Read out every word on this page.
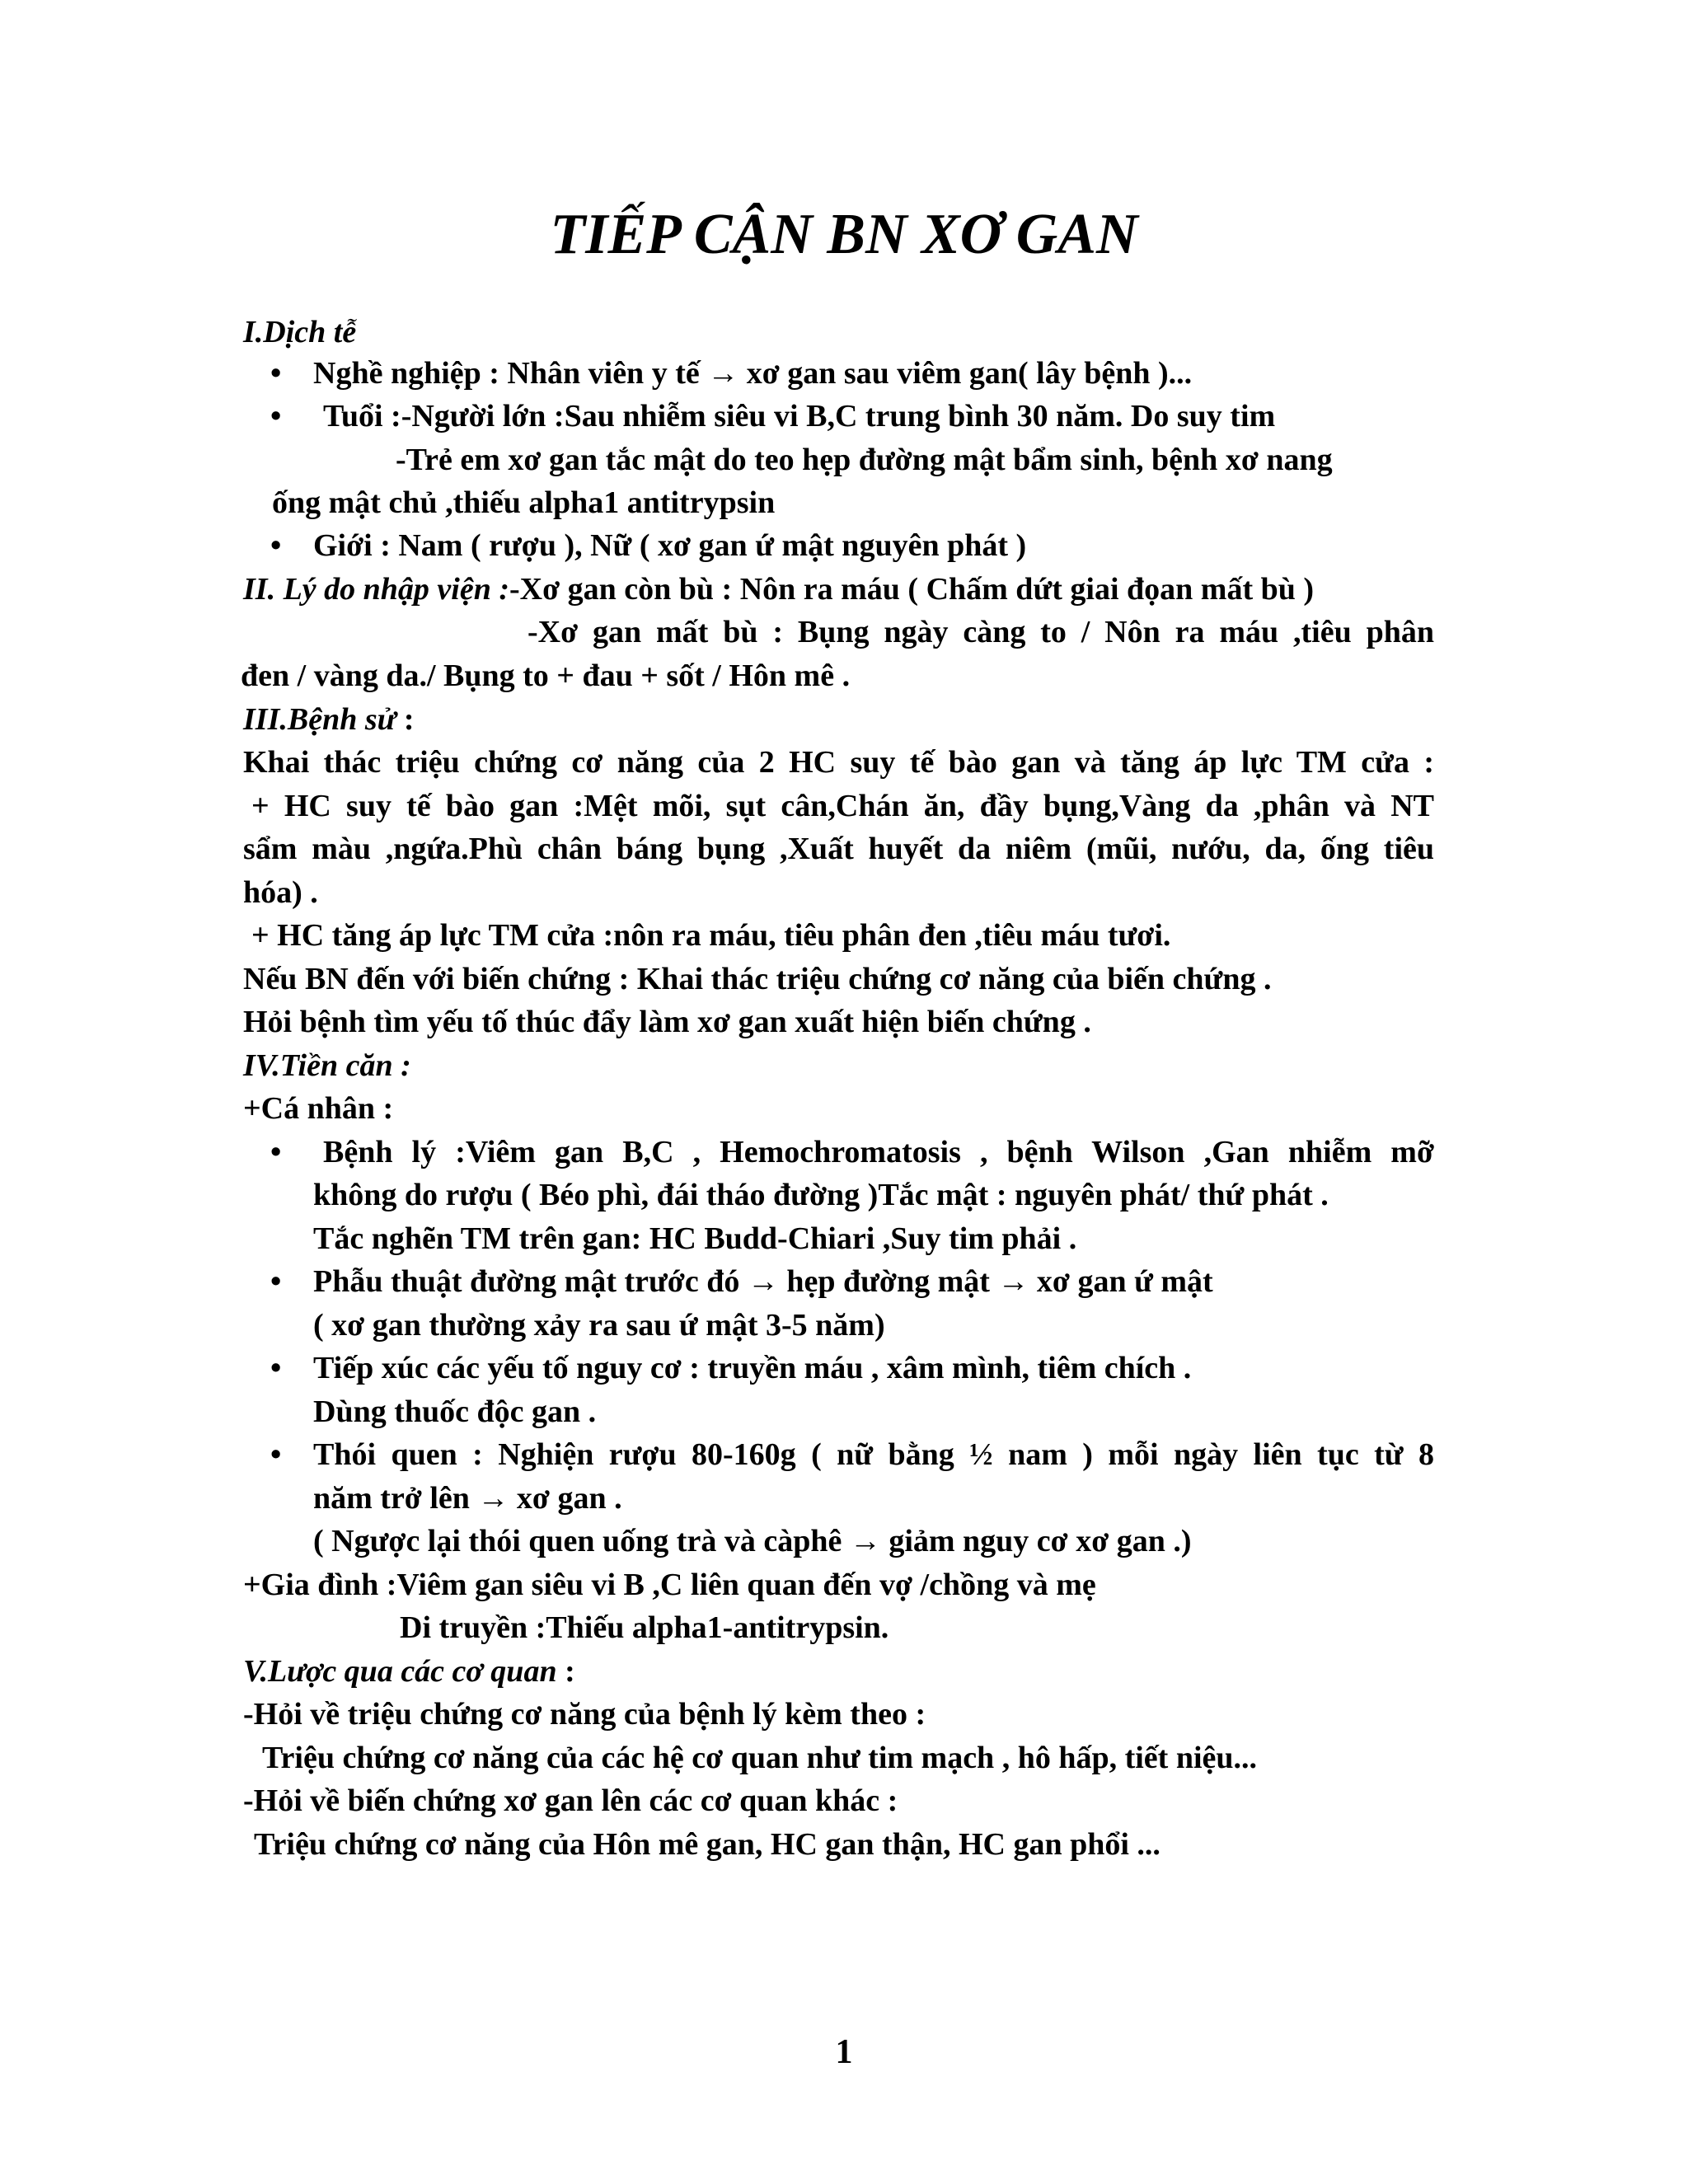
TIẾP CẬN BN XƠ GAN
I.Dịch tễ
• Nghề nghiệp : Nhân viên y tế → xơ gan sau viêm gan( lây bệnh )...
• Tuổi :-Người lớn :Sau nhiễm siêu vi B,C trung bình 30 năm. Do suy tim
-Trẻ em xơ gan tắc mật do teo hẹp đường mật bẩm sinh, bệnh xơ nang
ống mật chủ ,thiếu alpha1 antitrypsin
• Giới : Nam ( rượu ), Nữ ( xơ gan ứ mật nguyên phát )
II. Lý do nhập viện :-Xơ gan còn bù : Nôn ra máu ( Chấm dứt giai đọan mất bù )
-Xơ gan mất bù : Bụng ngày càng to / Nôn ra máu ,tiêu phân
đen / vàng da./ Bụng to + đau + sốt / Hôn mê .
III.Bệnh sử :
Khai thác triệu chứng cơ năng của 2 HC suy tế bào gan và tăng áp lực TM cửa :
+ HC suy tế bào gan :Mệt mõi, sụt cân,Chán ăn, đầy bụng,Vàng da ,phân và NT
sẩm màu ,ngứa.Phù chân báng bụng ,Xuất huyết da niêm (mũi, nướu, da, ống tiêu
hóa) .
+ HC tăng áp lực TM cửa :nôn ra máu, tiêu phân đen ,tiêu máu tươi.
Nếu BN đến với biến chứng : Khai thác triệu chứng cơ năng của biến chứng .
Hỏi bệnh tìm yếu tố thúc đẩy làm xơ gan xuất hiện biến chứng .
IV.Tiền căn :
+Cá nhân :
• Bệnh lý :Viêm gan B,C , Hemochromatosis , bệnh Wilson ,Gan nhiễm mỡ
không do rượu ( Béo phì, đái tháo đường )Tắc mật : nguyên phát/ thứ phát .
Tắc nghẽn TM trên gan: HC Budd-Chiari ,Suy tim phải .
• Phẫu thuật đường mật trước đó → hẹp đường mật → xơ gan ứ mật
( xơ gan thường xảy ra sau ứ mật 3-5 năm)
• Tiếp xúc các yếu tố nguy cơ : truyền máu , xâm mình, tiêm chích .
Dùng thuốc độc gan .
• Thói quen : Nghiện rượu 80-160g ( nữ bằng ½ nam ) mỗi ngày liên tục từ 8
năm trở lên → xơ gan .
( Ngược lại thói quen uống trà và càphê → giảm nguy cơ xơ gan .)
+Gia đình :Viêm gan siêu vi B ,C liên quan đến vợ /chồng và mẹ
Di truyền :Thiếu alpha1-antitrypsin.
V.Lược qua các cơ quan :
-Hỏi về triệu chứng cơ năng của bệnh lý kèm theo :
Triệu chứng cơ năng của các hệ cơ quan như tim mạch , hô hấp, tiết niệu...
-Hỏi về biến chứng xơ gan lên các cơ quan khác :
Triệu chứng cơ năng của Hôn mê gan, HC gan thận, HC gan phổi ...
1
